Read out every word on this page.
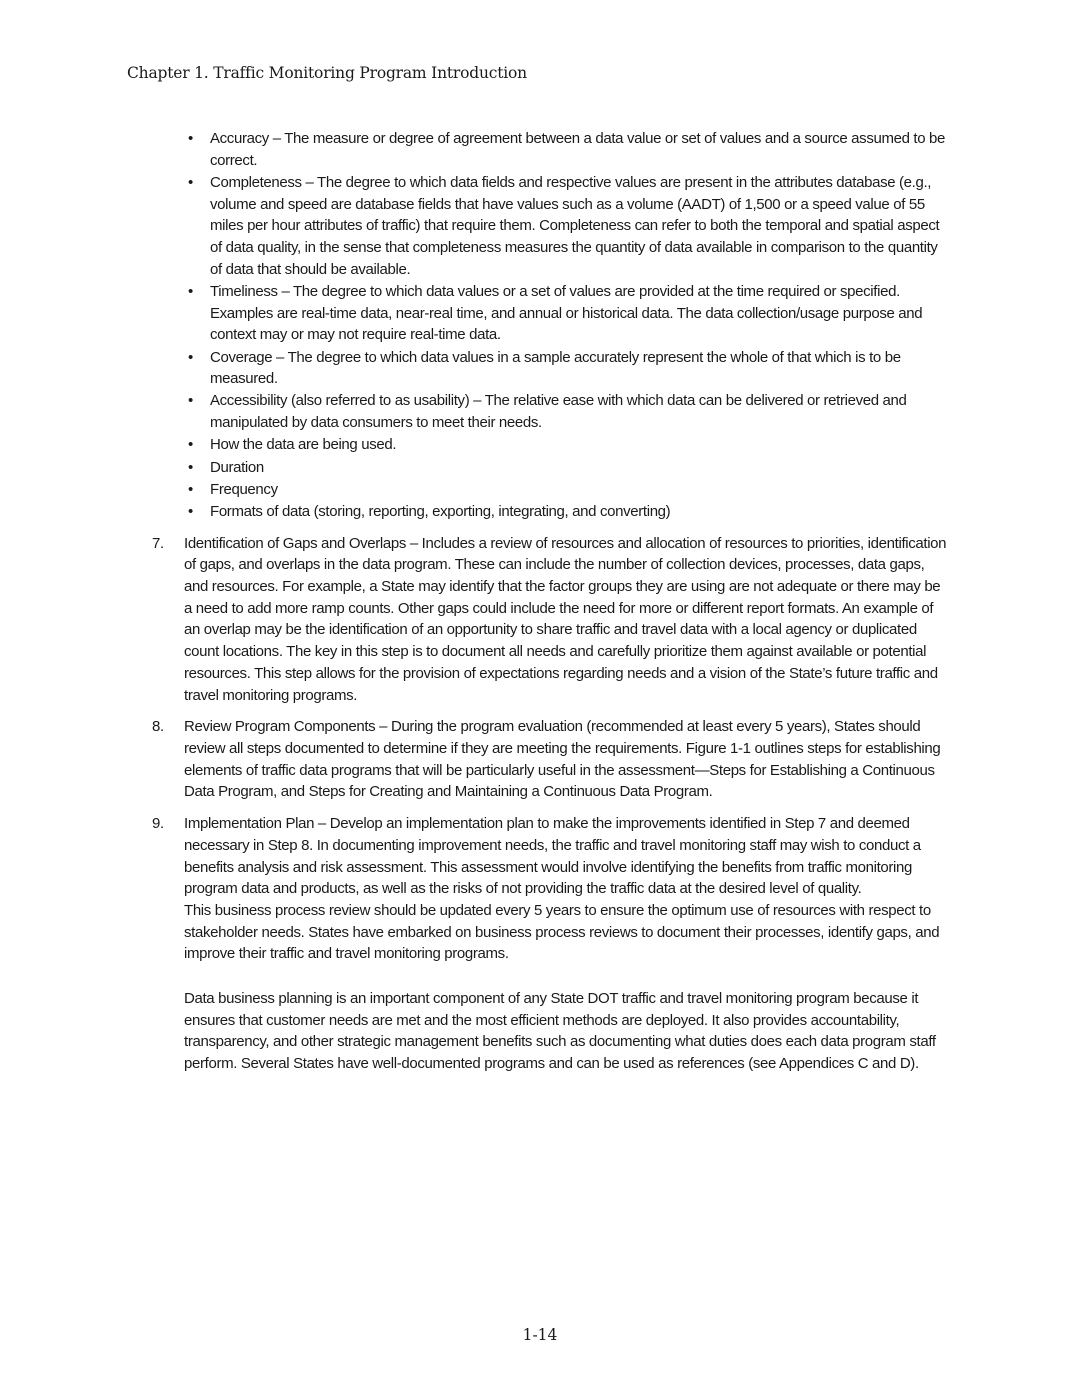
Chapter 1. Traffic Monitoring Program Introduction
• Accuracy – The measure or degree of agreement between a data value or set of values and a source assumed to be correct.
• Completeness – The degree to which data fields and respective values are present in the attributes database (e.g., volume and speed are database fields that have values such as a volume (AADT) of 1,500 or a speed value of 55 miles per hour attributes of traffic) that require them. Completeness can refer to both the temporal and spatial aspect of data quality, in the sense that completeness measures the quantity of data available in comparison to the quantity of data that should be available.
• Timeliness – The degree to which data values or a set of values are provided at the time required or specified. Examples are real-time data, near-real time, and annual or historical data. The data collection/usage purpose and context may or may not require real-time data.
• Coverage – The degree to which data values in a sample accurately represent the whole of that which is to be measured.
• Accessibility (also referred to as usability) – The relative ease with which data can be delivered or retrieved and manipulated by data consumers to meet their needs.
• How the data are being used.
• Duration
• Frequency
• Formats of data (storing, reporting, exporting, integrating, and converting)
7. Identification of Gaps and Overlaps – Includes a review of resources and allocation of resources to priorities, identification of gaps, and overlaps in the data program. These can include the number of collection devices, processes, data gaps, and resources. For example, a State may identify that the factor groups they are using are not adequate or there may be a need to add more ramp counts. Other gaps could include the need for more or different report formats. An example of an overlap may be the identification of an opportunity to share traffic and travel data with a local agency or duplicated count locations. The key in this step is to document all needs and carefully prioritize them against available or potential resources. This step allows for the provision of expectations regarding needs and a vision of the State’s future traffic and travel monitoring programs.
8. Review Program Components – During the program evaluation (recommended at least every 5 years), States should review all steps documented to determine if they are meeting the requirements. Figure 1-1 outlines steps for establishing elements of traffic data programs that will be particularly useful in the assessment—Steps for Establishing a Continuous Data Program, and Steps for Creating and Maintaining a Continuous Data Program.
9. Implementation Plan – Develop an implementation plan to make the improvements identified in Step 7 and deemed necessary in Step 8. In documenting improvement needs, the traffic and travel monitoring staff may wish to conduct a benefits analysis and risk assessment. This assessment would involve identifying the benefits from traffic monitoring program data and products, as well as the risks of not providing the traffic data at the desired level of quality.
This business process review should be updated every 5 years to ensure the optimum use of resources with respect to stakeholder needs. States have embarked on business process reviews to document their processes, identify gaps, and improve their traffic and travel monitoring programs.

Data business planning is an important component of any State DOT traffic and travel monitoring program because it ensures that customer needs are met and the most efficient methods are deployed. It also provides accountability, transparency, and other strategic management benefits such as documenting what duties does each data program staff perform. Several States have well-documented programs and can be used as references (see Appendices C and D).

1-14
